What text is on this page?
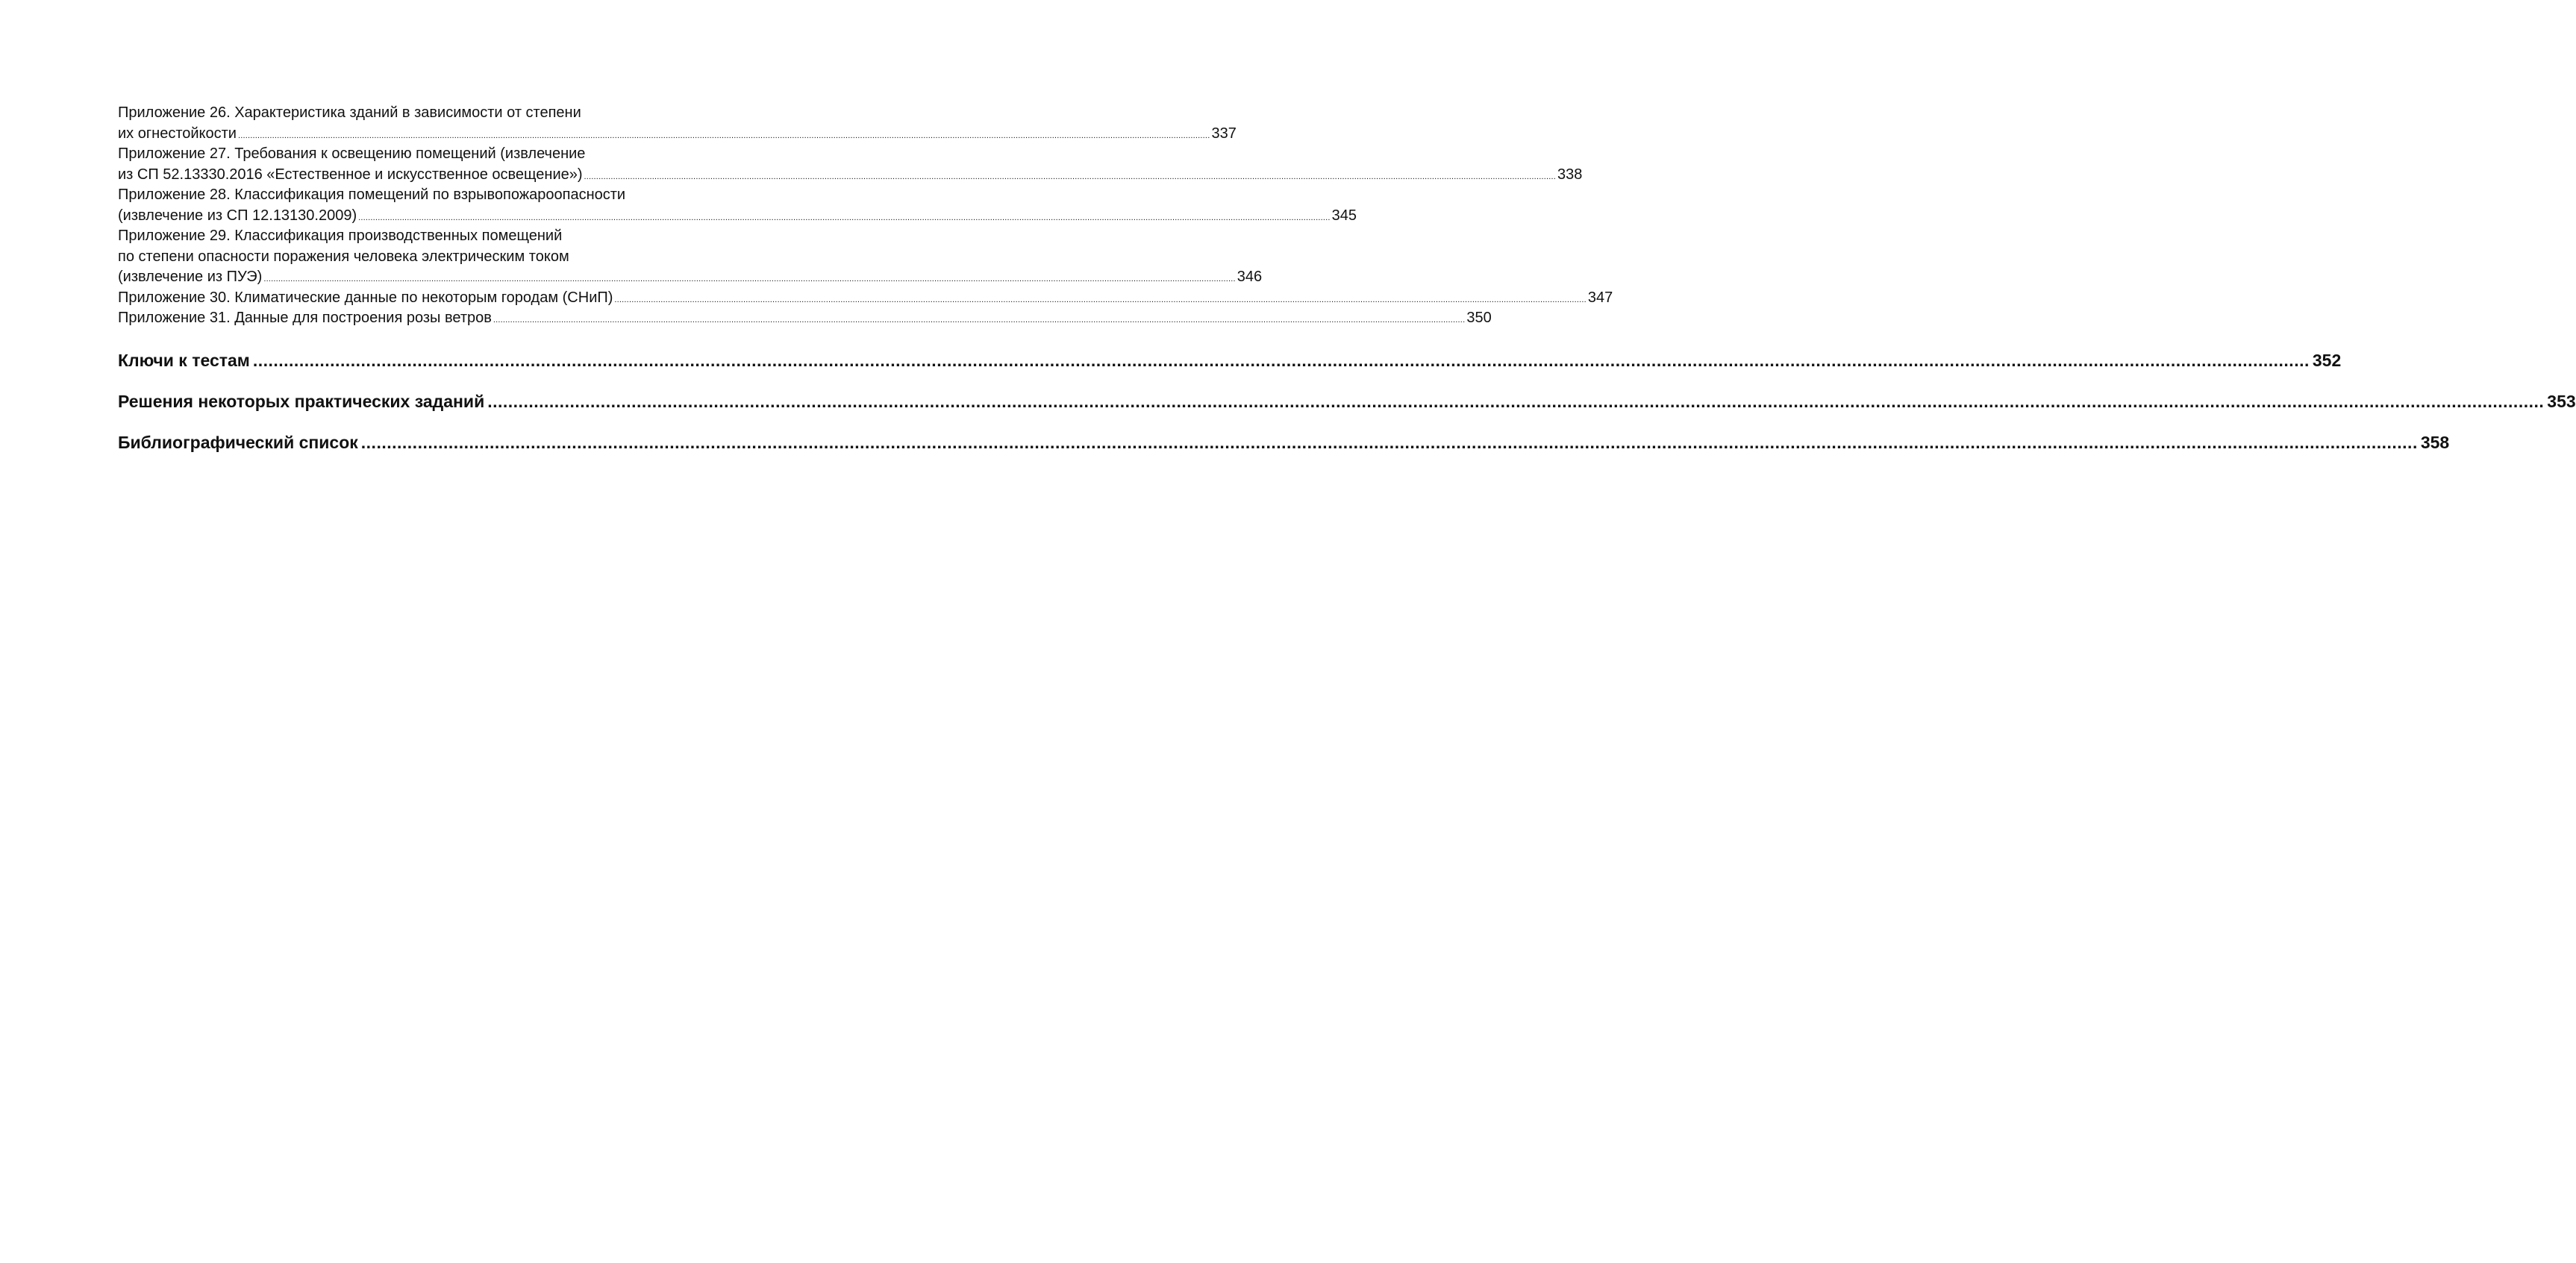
Приложение 26. Характеристика зданий в зависимости от степени
их огнестойкости ................................................................................................................................................................................................................................................................................................................................................................................................................ 337
Приложение 27. Требования к освещению помещений (извлечение
из СП 52.13330.2016 «Естественное и искусственное освещение») ................................................................................................................................................................................................................................................................................................................................................................................................................ 338
Приложение 28. Классификация помещений по взрывопожароопасности
(извлечение из СП 12.13130.2009) ................................................................................................................................................................................................................................................................................................................................................................................................................ 345
Приложение 29. Классификация производственных помещений
по степени опасности поражения человека электрическим током
(извлечение из ПУЭ) ................................................................................................................................................................................................................................................................................................................................................................................................................ 346
Приложение 30. Климатические данные по некоторым городам (СНиП) ................................................................................................................................................................................................................................................................................................................................................................................................................ 347
Приложение 31. Данные для построения розы ветров ................................................................................................................................................................................................................................................................................................................................................................................................................ 350
Ключи к тестам ................................................................................................................................................................................................................................................................................................................................................................................................................ 352
Решения некоторых практических заданий ................................................................................................................................................................................................................................................................................................................................................................................................................ 353
Библиографический список ................................................................................................................................................................................................................................................................................................................................................................................................................ 358
